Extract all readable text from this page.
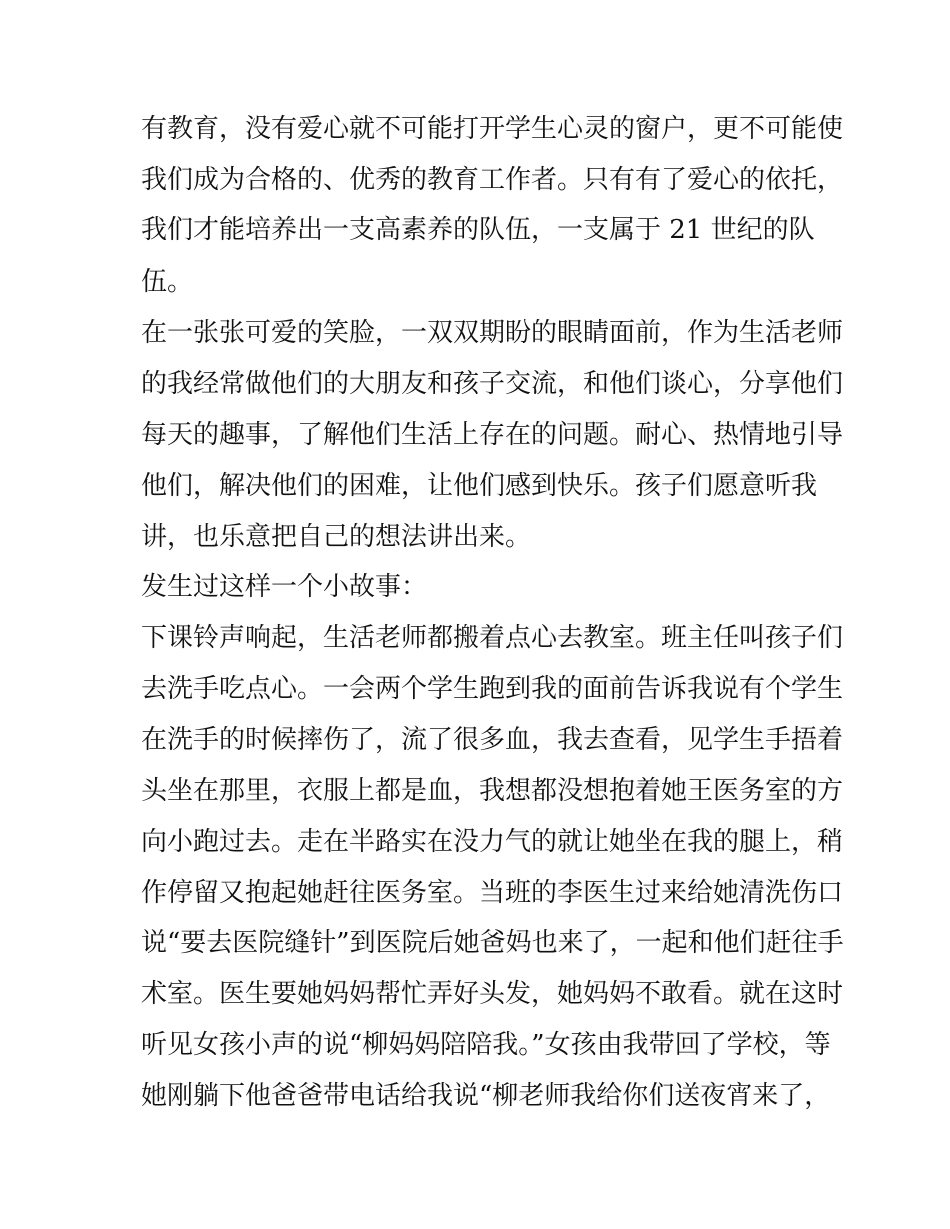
有教育，没有爱心就不可能打开学生心灵的窗户，更不可能使
我们成为合格的、优秀的教育工作者。只有有了爱心的依托，
我们才能培养出一支高素养的队伍，一支属于 21 世纪的队
伍。
在一张张可爱的笑脸，一双双期盼的眼睛面前，作为生活老师
的我经常做他们的大朋友和孩子交流，和他们谈心，分享他们
每天的趣事，了解他们生活上存在的问题。耐心、热情地引导
他们，解决他们的困难，让他们感到快乐。孩子们愿意听我
讲，也乐意把自己的想法讲出来。
发生过这样一个小故事：
下课铃声响起，生活老师都搬着点心去教室。班主任叫孩子们
去洗手吃点心。一会两个学生跑到我的面前告诉我说有个学生
在洗手的时候摔伤了，流了很多血，我去查看，见学生手捂着
头坐在那里，衣服上都是血，我想都没想抱着她王医务室的方
向小跑过去。走在半路实在没力气的就让她坐在我的腿上，稍
作停留又抱起她赶往医务室。当班的李医生过来给她清洗伤口
说“要去医院缝针”到医院后她爸妈也来了，一起和他们赶往手
术室。医生要她妈妈帮忙弄好头发，她妈妈不敢看。就在这时
听见女孩小声的说“柳妈妈陪陪我。”女孩由我带回了学校，等
她刚躺下他爸爸带电话给我说“柳老师我给你们送夜宵来了，
